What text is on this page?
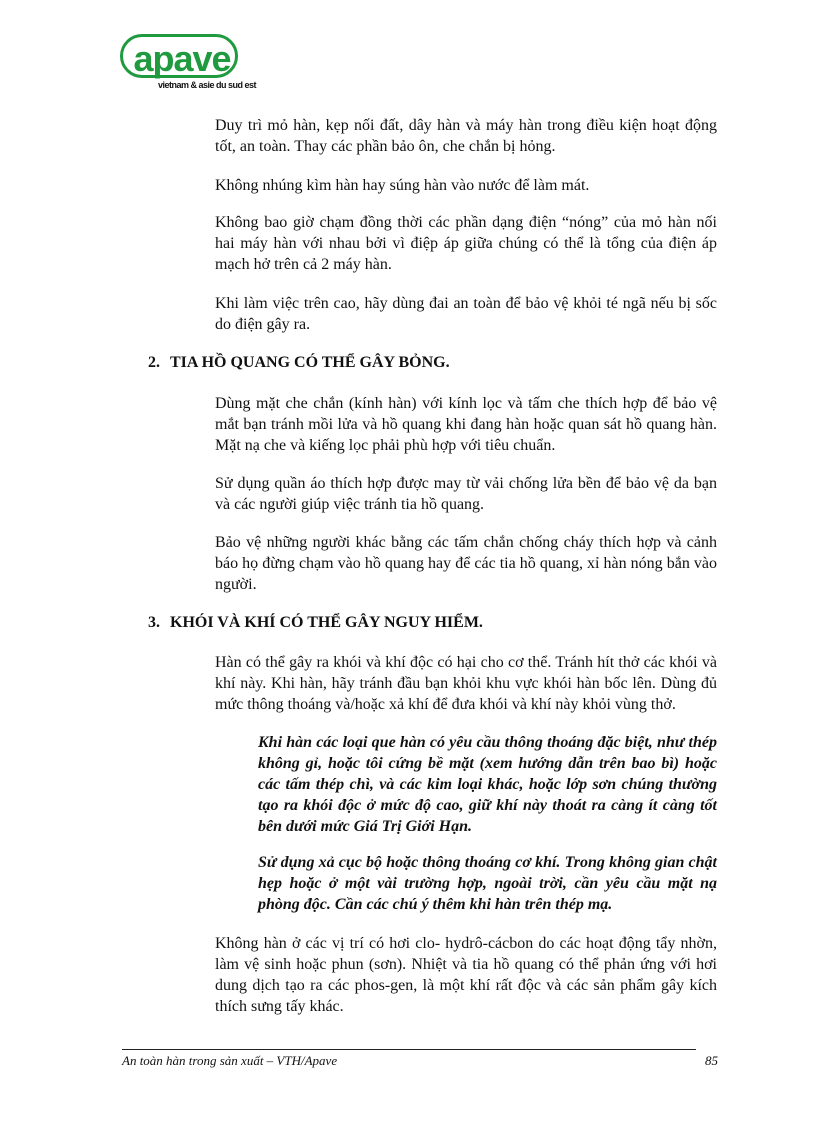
apave
vietnam & asie du sud est

Duy trì mỏ hàn, kẹp nối đất, dây hàn và máy hàn trong điều kiện hoạt động tốt, an toàn. Thay các phần bảo ôn, che chắn bị hỏng.

Không nhúng kìm hàn hay súng hàn vào nước để làm mát.

Không bao giờ chạm đồng thời các phần dạng điện “nóng” của mỏ hàn nối hai máy hàn với nhau bởi vì điệp áp giữa chúng có thể là tổng của điện áp mạch hở trên cả 2 máy hàn.

Khi làm việc trên cao, hãy dùng đai an toàn để bảo vệ khỏi té ngã nếu bị sốc do điện gây ra.

2. TIA HỒ QUANG CÓ THỂ GÂY BỎNG.

Dùng mặt che chắn (kính hàn) với kính lọc và tấm che thích hợp để bảo vệ mắt bạn tránh mồi lửa và hồ quang khi đang hàn hoặc quan sát hồ quang hàn. Mặt nạ che và kiếng lọc phải phù hợp với tiêu chuẩn.

Sử dụng quần áo thích hợp được may từ vải chống lửa bền để bảo vệ da bạn và các người giúp việc tránh tia hồ quang.

Bảo vệ những người khác bằng các tấm chắn chống cháy thích hợp và cảnh báo họ đừng chạm vào hồ quang hay để các tia hồ quang, xỉ hàn nóng bắn vào người.

3. KHÓI VÀ KHÍ CÓ THỂ GÂY NGUY HIỂM.

Hàn có thể gây ra khói và khí độc có hại cho cơ thể. Tránh hít thở các khói và khí này. Khi hàn, hãy tránh đầu bạn khỏi khu vực khói hàn bốc lên. Dùng đủ mức thông thoáng và/hoặc xả khí để đưa khói và khí này khỏi vùng thở.

Khi hàn các loại que hàn có yêu cầu thông thoáng đặc biệt, như thép không gỉ, hoặc tôi cứng bề mặt (xem hướng dẫn trên bao bì) hoặc các tấm thép chì, và các kim loại khác, hoặc lớp sơn chúng thường tạo ra khói độc ở mức độ cao, giữ khí này thoát ra càng ít càng tốt bên dưới mức Giá Trị Giới Hạn.

Sử dụng xả cục bộ hoặc thông thoáng cơ khí. Trong không gian chật hẹp hoặc ở một vài trường hợp, ngoài trời, cần yêu cầu mặt nạ phòng độc. Cần các chú ý thêm khi hàn trên thép mạ.

Không hàn ở các vị trí có hơi clo- hydrô-cácbon do các hoạt động tẩy nhờn, làm vệ sinh hoặc phun (sơn). Nhiệt và tia hồ quang có thể phản ứng với hơi dung dịch tạo ra các phos-gen, là một khí rất độc và các sản phẩm gây kích thích sưng tấy khác.

An toàn hàn trong sản xuất – VTH/Apave	85
